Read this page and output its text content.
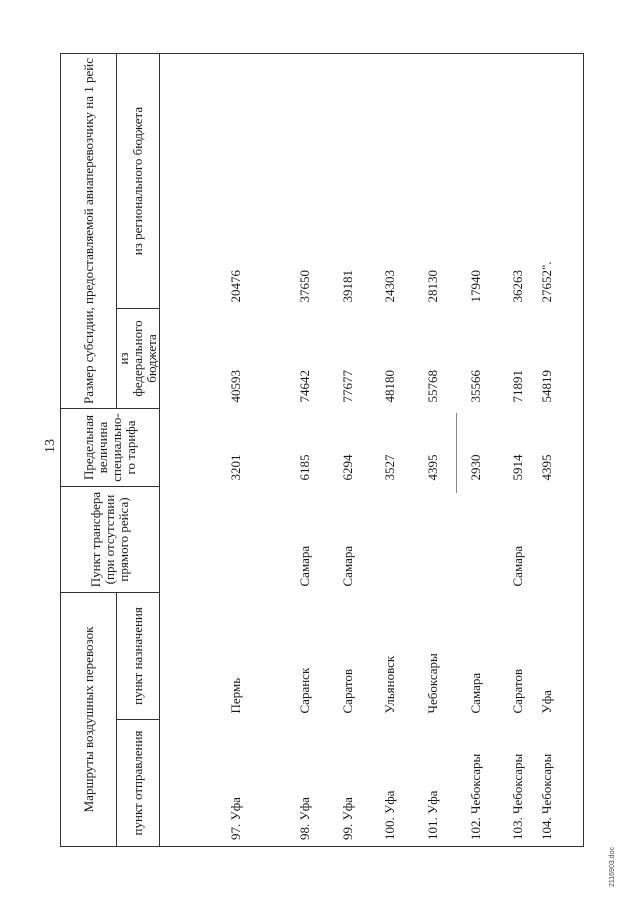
13
Маршруты воздушных перевозок		Пункт трансфера (при отсутствии прямого рейса)	Предельная величина специально-го тарифа	Размер субсидии, предоставляемой авиаперевозчику на 1 рейс	
пункт отправления	пункт назначения			из федерального бюджета	из регионального бюджета
97. Уфа	Пермь		3201	40593	20476
98. Уфа	Саранск	Самара	6185	74642	37650
99. Уфа	Саратов	Самара	6294	77677	39181
100. Уфа	Ульяновск		3527	48180	24303
101. Уфа	Чебоксары		4395	55768	28130
102. Чебоксары	Самара		2930	35566	17940
103. Чебоксары	Саратов	Самара	5914	71891	36263
104. Чебоксары	Уфа		4395	54819	27652".
2116903.doc
